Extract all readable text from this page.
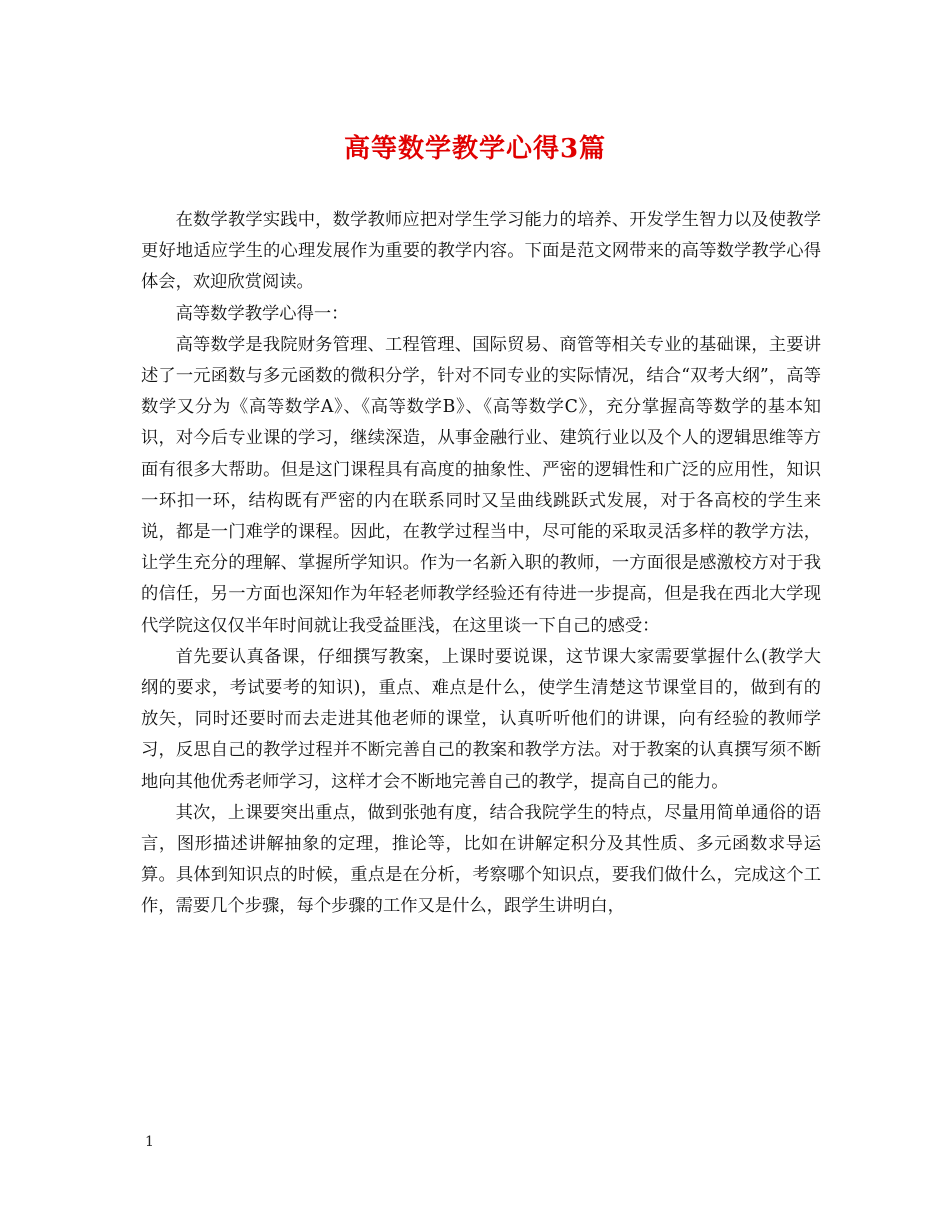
高等数学教学心得3篇

在数学教学实践中，数学教师应把对学生学习能力的培养、开发学生智力以及使教学更好地适应学生的心理发展作为重要的教学内容。下面是范文网带来的高等数学教学心得体会，欢迎欣赏阅读。

高等数学教学心得一：

高等数学是我院财务管理、工程管理、国际贸易、商管等相关专业的基础课，主要讲述了一元函数与多元函数的微积分学，针对不同专业的实际情况，结合“双考大纲”，高等数学又分为《高等数学A》、《高等数学B》、《高等数学C》，充分掌握高等数学的基本知识，对今后专业课的学习，继续深造，从事金融行业、建筑行业以及个人的逻辑思维等方面有很多大帮助。但是这门课程具有高度的抽象性、严密的逻辑性和广泛的应用性，知识一环扣一环，结构既有严密的内在联系同时又呈曲线跳跃式发展，对于各高校的学生来说，都是一门难学的课程。因此，在教学过程当中，尽可能的采取灵活多样的教学方法，让学生充分的理解、掌握所学知识。作为一名新入职的教师，一方面很是感激校方对于我的信任，另一方面也深知作为年轻老师教学经验还有待进一步提高，但是我在西北大学现代学院这仅仅半年时间就让我受益匪浅，在这里谈一下自己的感受：

首先要认真备课，仔细撰写教案，上课时要说课，这节课大家需要掌握什么(教学大纲的要求，考试要考的知识)，重点、难点是什么，使学生清楚这节课堂目的，做到有的放矢，同时还要时而去走进其他老师的课堂，认真听听他们的讲课，向有经验的教师学习，反思自己的教学过程并不断完善自己的教案和教学方法。对于教案的认真撰写须不断地向其他优秀老师学习，这样才会不断地完善自己的教学，提高自己的能力。

其次，上课要突出重点，做到张弛有度，结合我院学生的特点，尽量用简单通俗的语言，图形描述讲解抽象的定理，推论等，比如在讲解定积分及其性质、多元函数求导运算。具体到知识点的时候，重点是在分析，考察哪个知识点，要我们做什么，完成这个工作，需要几个步骤，每个步骤的工作又是什么，跟学生讲明白，

1
